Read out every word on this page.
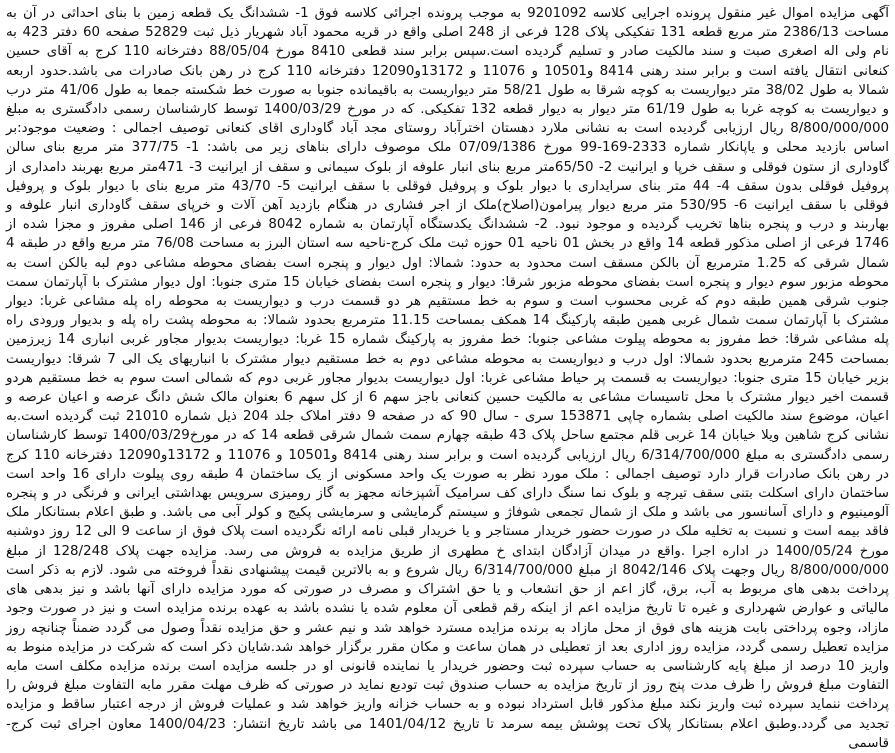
آگهی مزایده اموال غیر منقول پرونده اجرایی کلاسه 9201092 به موجب پرونده اجرائی کلاسه فوق 1- ششدانگ یک قطعه زمین با بنای احداثی در آن به مساحت 2386/13 متر مربع قطعه 131 تفکیکی پلاک 128 فرعی از 248 اصلی واقع در قریه محمود آباد شهریار ذیل ثبت 52829 صفحه 60 دفتر 423 به نام ولی اله اصغری صبت و سند مالکیت صادر و تسلیم گردیده است.سپس برابر سند قطعی 8410 مورخ 88/05/04 دفترخانه 110 کرج به آقای حسین کنعانی انتقال یافته است و برابر سند رهنی 8414 و10501 و 11076 و 13172و12090 دفترخانه 110 کرج در رهن بانک صادرات می باشد.حدود اربعه شمالا به طول 38/02 متر دیواریست به کوچه شرقا به طول 58/21 متر دیواریست به باقیمانده جنوبا به صورت خط شکسته جمعا به طول 41/06 متر درب و دیواریست به کوچه غربا به طول 61/19 متر دیوار به دیوار قطعه 132 تفکیکی. که در مورخ 1400/03/29 توسط کارشناسان رسمی دادگستری به مبلغ 8/800/000/000 ریال ارزیابی گردیده است به نشانی ملارد دهستان اخترآباد روستای مجد آباد گاوداری اقای کنعانی توصیف اجمالی : وضعیت موجود:بر اساس بازدید محلی و یاپانکار شماره 2333-169-99 مورخ 07/09/1386 ملک موصوف دارای بناهای زیر می باشد: 1- 377/75 متر مربع بنای سالن گاوداری از ستون فوقلی و سقف خرپا و ایرانیت 2- 65/50متر مربع بنای انبار علوفه از بلوک سیمانی و سقف از ایرانیت 3- 471متر مربع بهربند دامداری از پروفیل فوقلی بدون سقف 4- 44 متر بنای سرایداری با دیوار بلوک و پروفیل فوقلی با سقف ایرانیت 5- 43/70 متر مربع بنای با دیوار بلوک و پروفیل فوقلی با سقف ایرانیت 6- 530/95 متر مربع دیوار پیرامون(اصلاح)ملک از اجر فشاری در هنگام بازدید آهن آلات و خرپای سقف گاوداری انبار علوفه و بهاربند و درب و پنجره بناها تخریب گردیده و موجود نبود. 2- ششدانگ یکدستگاه آپارتمان به شماره 8042 فرعی از 146 اصلی مفروز و مجزا شده از 1746 فرعی از اصلی مذکور قطعه 14 واقع در بخش 01 ناحیه 01 حوزه ثبت ملک کرج-ناحیه سه استان البرز به مساحت 76/08 متر مربع واقع در طبقه 4 شمال شرقی که 1.25 مترمربع آن بالکن مسقف است محدود به حدود: شمالا: اول دیوار و پنجره است بفضای محوطه مشاعی دوم لبه بالکن است به محوطه مزبور سوم دیوار و پنجره است بفضای محوطه مزبور شرقا: دیوار و پنجره است بفضای خیابان 15 متری جنوبا: اول دیوار مشترک با آپارتمان سمت جنوب شرقی همین طبقه دوم که غربی محسوب است و سوم به خط مستقیم هر دو قسمت درب و دیواریست به محوطه راه پله مشاعی غربا: دیوار مشترک با آپارتمان سمت شمال غربی همین طبقه پارکینگ 14 همکف بمساحت 11.15 مترمربع بحدود شمالا: به محوطه پشت راه پله و بدیوار ورودی راه پله مشاعی شرقا: خط مفروز به محوطه پیلوت مشاعی جنوبا: خط مفروز به پارکینگ شماره 15 غربا: دیواریست بدیوار مجاور غربی انباری 14 زیرزمین بمساحت 245 مترمربع بحدود شمالا: اول درب و دیواریست به محوطه مشاعی دوم به خط مستقیم دیوار مشترک با انباریهای یک الی 7 شرقا: دیواریست بزیر خیابان 15 متری جنوبا: دیواریست به قسمت پر حیاط مشاعی غربا: اول دیواریست بدیوار مجاور غربی دوم که شمالی است سوم به خط مستقیم هردو قسمت اخیر دیوار مشترک با محل تاسیسات مشاعی به مالکیت حسین کنعانی باجز سهم 6 از کل سهم 6 بعنوان مالک شش دانگ عرصه و اعیان عرصه و اعیان، موضوع سند مالکیت اصلی بشماره چاپی 153871 سری - سال 90 که در صفحه 9 دفتر املاک جلد 204 ذیل شماره 21010 ثبت گردیده است.به نشانی کرج شاهین ویلا خیابان 14 غربی قلم مجتمع ساحل پلاک 43 طبقه چهارم سمت شمال شرقی قطعه 14 که در مورخ1400/03/29 توسط کارشناسان رسمی دادگستری به مبلغ 6/314/700/000 ریال ارزیابی گردیده است و برابر سند رهنی 8414 و10501 و 11076 و 13172و12090 دفترخانه 110 کرج در رهن بانک صادرات قرار دارد توصیف اجمالی : ملک مورد نظر به صورت یک واحد مسکونی از یک ساختمان 4 طبقه روی پیلوت دارای 16 واحد است ساختمان دارای اسکلت بتنی سقف تیرچه و بلوک نما سنگ دارای کف سرامیک آشپزخانه مجهز به گاز رومیزی سرویس بهداشتی ایرانی و فرنگی در و پنجره آلومینیوم و دارای آسانسور می باشد و ملک از شمال تجمعی شوفاژ و سیستم گرمایشی و سرمایشی پکیج و کولر آبی می باشد. و طبق اعلام بستانکار ملک فاقد بیمه است و نسبت به تخلیه ملک در صورت حضور خریدار مستاجر و یا خریدار قبلی نامه ارائه نگردیده است پلاک فوق از ساعت 9 الی 12 روز دوشنبه مورخ 1400/05/24 در اداره اجرا .واقع در میدان آزادگان ابتدای خ مطهری از طریق مزایده به فروش می رسد. مزایده جهت پلاک 128/248 از مبلغ 8/800/000/000 ریال وجهت پلاک 8042/146 از مبلغ 6/314/700/000 ریال شروع و به بالاترین قیمت پیشنهادی نقداً فروخته می شود. لازم به ذکر است پرداخت بدهی های مربوط به آب، برق، گاز اعم از حق انشعاب و یا حق اشتراک و مصرف در صورتی که مورد مزایده دارای آنها باشد و نیز بدهی های مالیاتی و عوارض شهرداری و غیره تا تاریخ مزایده اعم از اینکه رقم قطعی آن معلوم شده یا نشده باشد به عهده برنده مزایده است و نیز در صورت وجود مازاد، وجوه پرداختی بابت هزینه های فوق از محل مازاد به برنده مزایده مسترد خواهد شد و نیم عشر و حق مزایده نقداً وصول می گردد ضمناً چنانچه روز مزایده تعطیل رسمی گردد، مزایده روز اداری بعد از تعطیلی در همان ساعت و مکان مقرر برگزار خواهد شد.شایان ذکر است که شرکت در مزایده منوط به واریز 10 درصد از مبلغ پایه کارشناسی به حساب سپرده ثبت وحضور خریدار یا نماینده قانونی او در جلسه مزایده است برنده مزایده مکلف است مابه التفاوت مبلغ فروش را ظرف مدت پنج روز از تاریخ مزایده به حساب صندوق ثبت تودیع نماید در صورتی که ظرف مهلت مقرر مابه التفاوت مبلغ فروش را پرداخت ننماید سپرده ثبت واریز نکند مبلغ مذکور قابل استرداد نبوده و به حساب خزانه واریز خواهد شد و عملیات فروش از درجه اعتبار ساقط و مزایده تجدید می گردد.وطبق اعلام بستانکار پلاک تحت پوشش بیمه سرمد تا تاریخ 1401/04/12 می باشد تاریخ انتشار: 1400/04/23 معاون اجرای ثبت کرج- قاسمی
